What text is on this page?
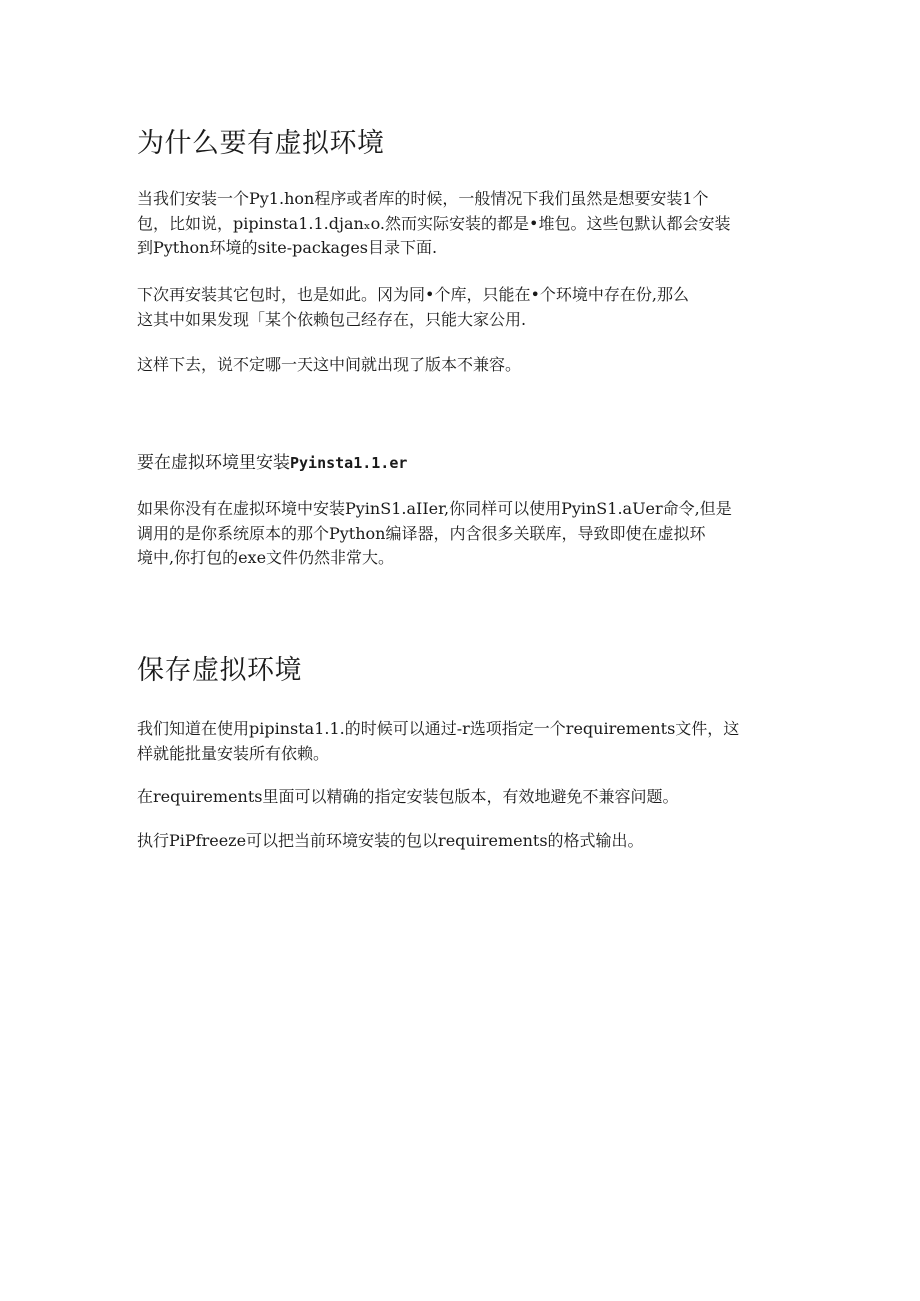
为什么要有虚拟环境

当我们安装一个Py1.hon程序或者库的时候，一般情况下我们虽然是想要安装1个
包，比如说，pipinsta1.1.djanₓo.然而实际安装的都是•堆包。这些包默认都会安装
到Python环境的site-packages目录下面.

下次再安装其它包时，也是如此。冈为同•个库，只能在•个环境中存在份,那么
这其中如果发现「某个依赖包己经存在，只能大家公用.

这样下去，说不定哪一天这中间就出现了版本不兼容。

要在虚拟环境里安装Pyinsta1.1.er

如果你没有在虚拟环境中安装PyinS1.aIIer,你同样可以使用PyinS1.aUer命令,但是
调用的是你系统原本的那个Python编译器，内含很多关联库，导致即使在虚拟环
境中,你打包的exe文件仍然非常大。

保存虚拟环境

我们知道在使用pipinsta1.1.的时候可以通过-r选项指定一个requirements文件，这
样就能批量安装所有依赖。

在requirements里面可以精确的指定安装包版本，有效地避免不兼容问题。

执行PiPfreeze可以把当前环境安装的包以requirements的格式输出。
